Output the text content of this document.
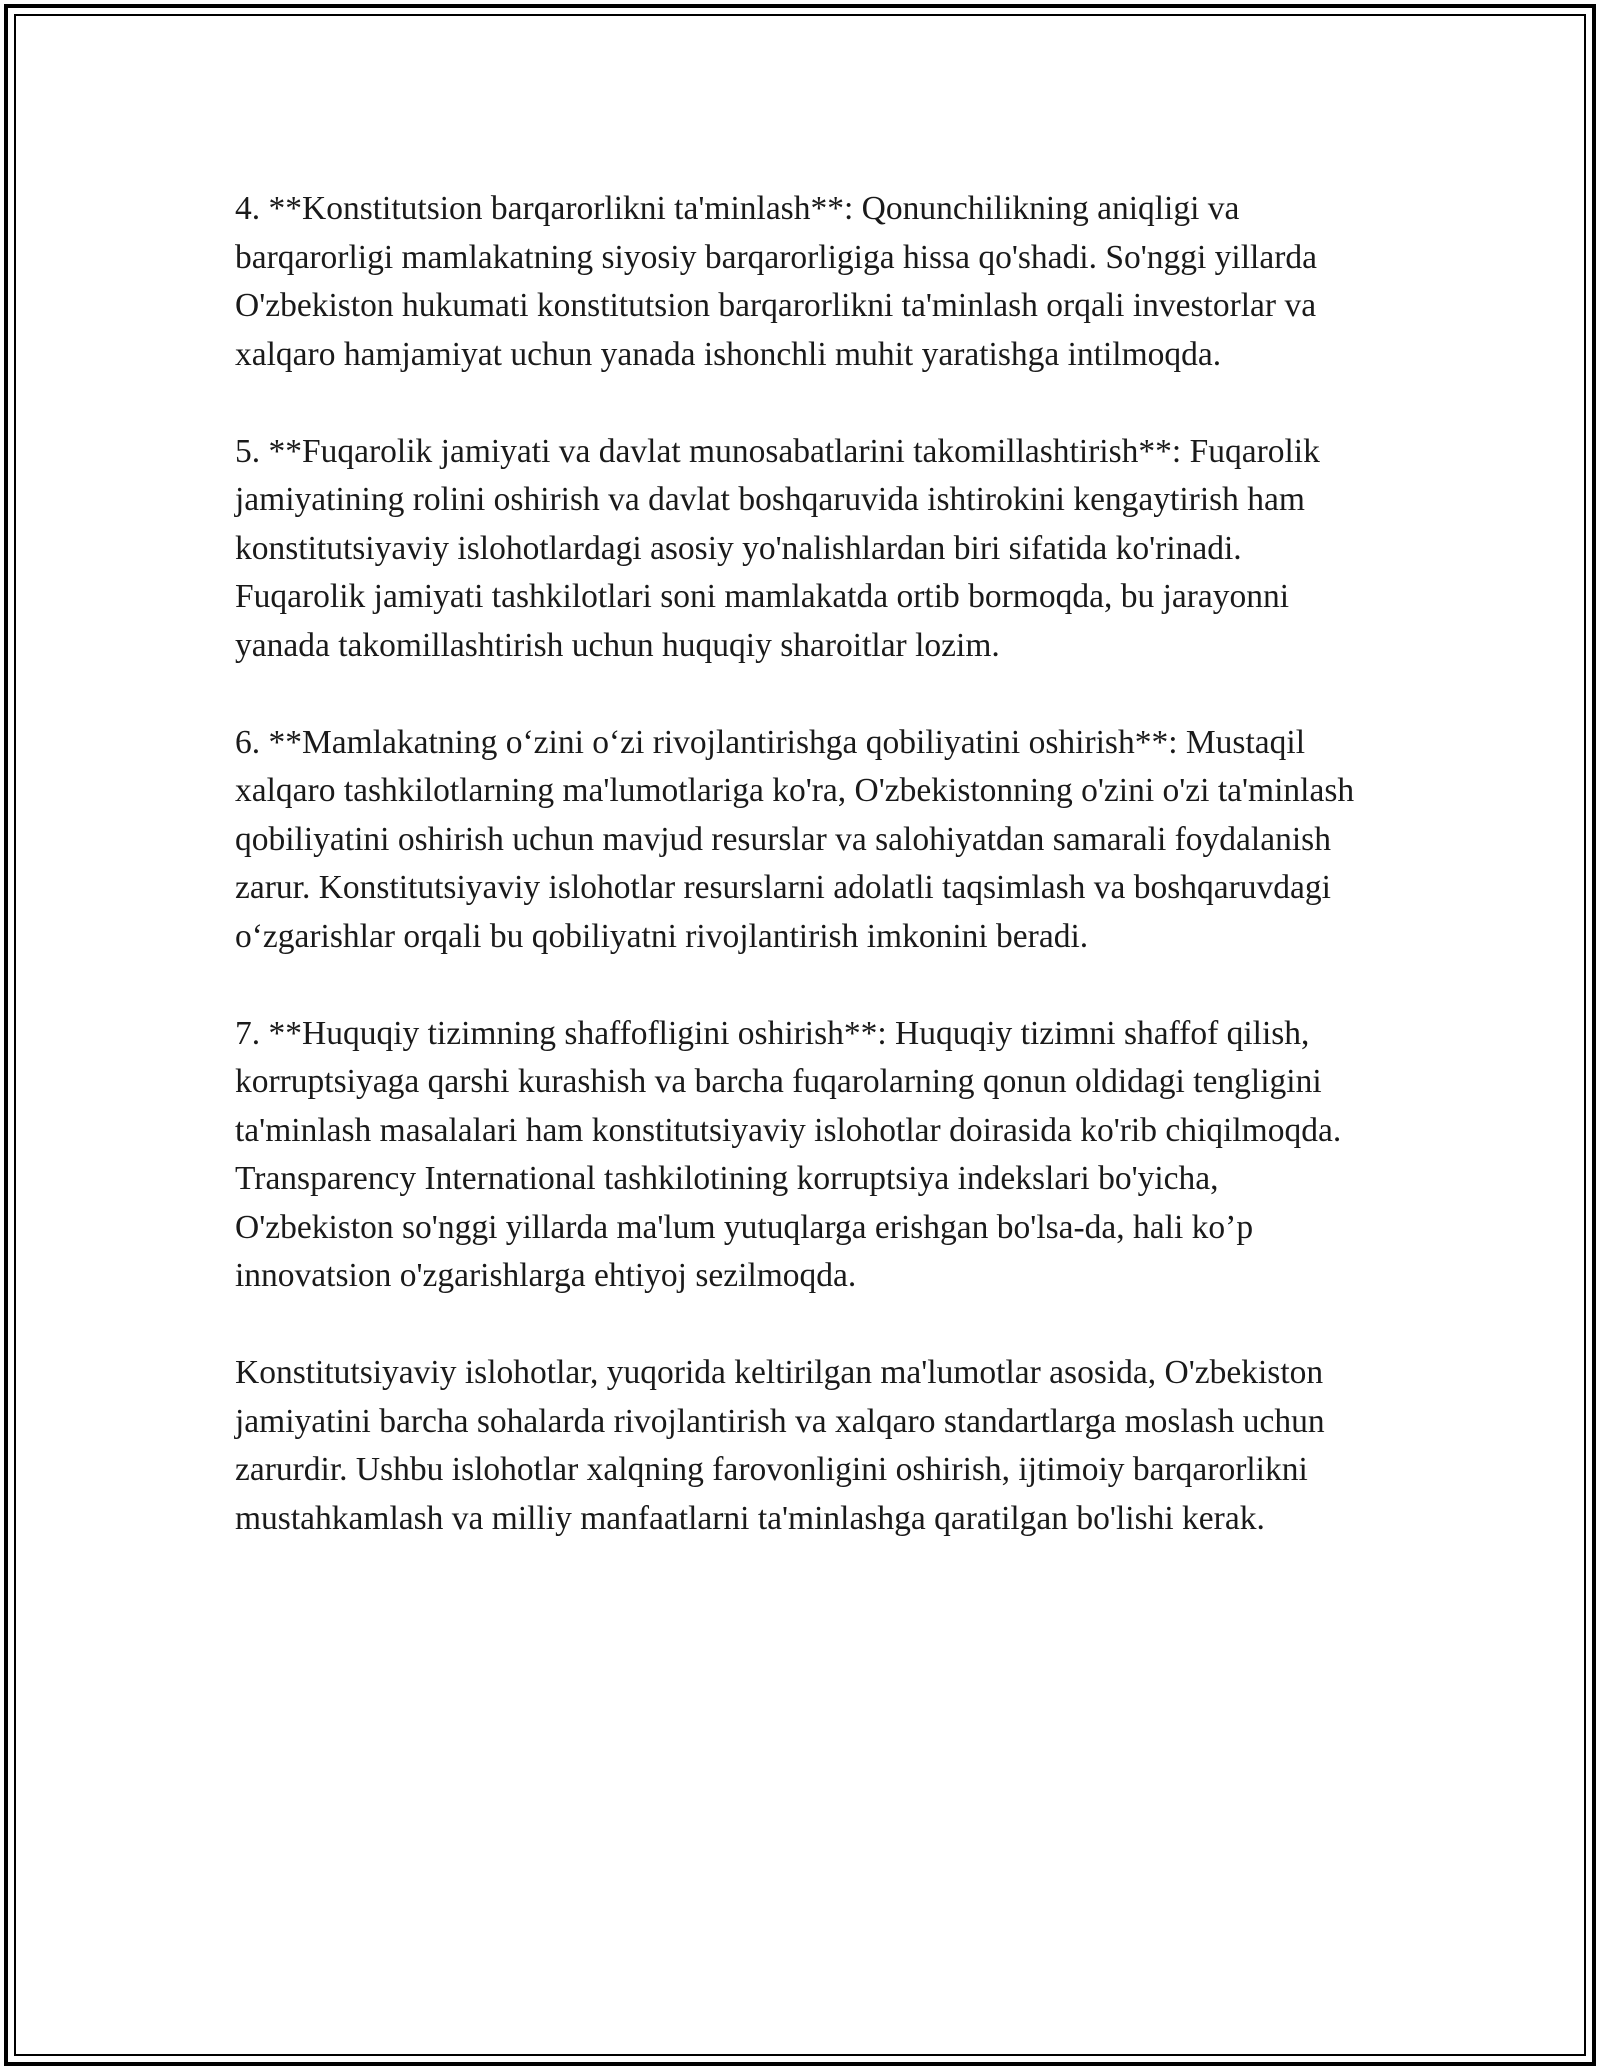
4. **Konstitutsion barqarorlikni ta'minlash**: Qonunchilikning aniqligi va barqarorligi mamlakatning siyosiy barqarorligiga hissa qo'shadi. So'nggi yillarda O'zbekiston hukumati konstitutsion barqarorlikni ta'minlash orqali investorlar va xalqaro hamjamiyat uchun yanada ishonchli muhit yaratishga intilmoqda.

5. **Fuqarolik jamiyati va davlat munosabatlarini takomillashtirish**: Fuqarolik jamiyatining rolini oshirish va davlat boshqaruvida ishtirokini kengaytirish ham konstitutsiyaviy islohotlardagi asosiy yo'nalishlardan biri sifatida ko'rinadi. Fuqarolik jamiyati tashkilotlari soni mamlakatda ortib bormoqda, bu jarayonni yanada takomillashtirish uchun huquqiy sharoitlar lozim.

6. **Mamlakatning o‘zini o‘zi rivojlantirishga qobiliyatini oshirish**: Mustaqil xalqaro tashkilotlarning ma'lumotlariga ko'ra, O'zbekistonning o'zini o'zi ta'minlash qobiliyatini oshirish uchun mavjud resurslar va salohiyatdan samarali foydalanish zarur. Konstitutsiyaviy islohotlar resurslarni adolatli taqsimlash va boshqaruvdagi o‘zgarishlar orqali bu qobiliyatni rivojlantirish imkonini beradi.

7. **Huquqiy tizimning shaffofligini oshirish**: Huquqiy tizimni shaffof qilish, korruptsiyaga qarshi kurashish va barcha fuqarolarning qonun oldidagi tengligini ta'minlash masalalari ham konstitutsiyaviy islohotlar doirasida ko'rib chiqilmoqda. Transparency International tashkilotining korruptsiya indekslari bo'yicha, O'zbekiston so'nggi yillarda ma'lum yutuqlarga erishgan bo'lsa-da, hali ko’p innovatsion o'zgarishlarga ehtiyoj sezilmoqda.

Konstitutsiyaviy islohotlar, yuqorida keltirilgan ma'lumotlar asosida, O'zbekiston jamiyatini barcha sohalarda rivojlantirish va xalqaro standartlarga moslash uchun zarurdir. Ushbu islohotlar xalqning farovonligini oshirish, ijtimoiy barqarorlikni mustahkamlash va milliy manfaatlarni ta'minlashga qaratilgan bo'lishi kerak.
